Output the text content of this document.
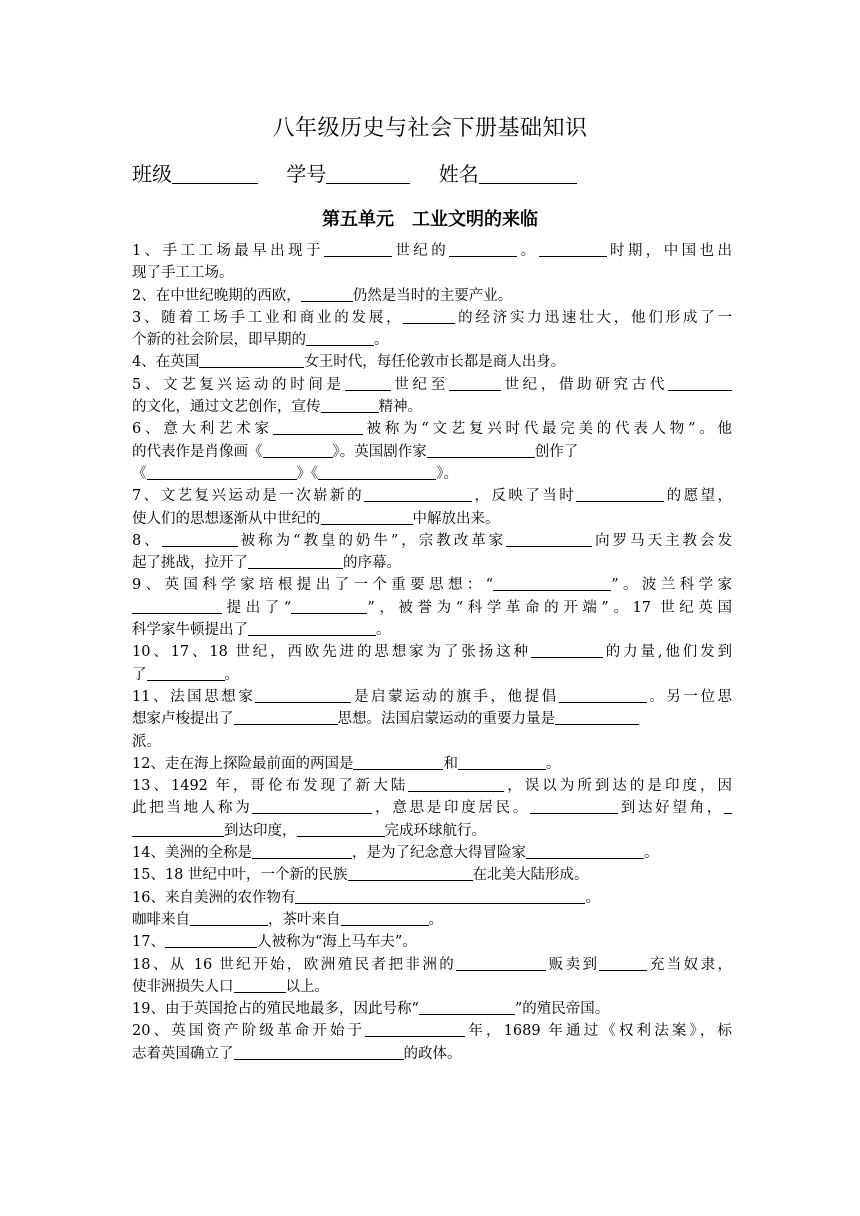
八年级历史与社会下册基础知识
班级	学号	姓名
第五单元 工业文明的来临
1、手工工场最早出现于	世纪的	。	时期，中国也出
现了手工工场。
2、在中世纪晚期的西欧，	仍然是当时的主要产业。
3、随着工场手工业和商业的发展，	的经济实力迅速壮大，他们形成了一
个新的社会阶层，即早期的	。
4、在英国	女王时代，每任伦敦市长都是商人出身。
5、文艺复兴运动的时间是	世纪至	世纪，借助研究古代
的文化，通过文艺创作，宣传	精神。
6、意大利艺术家	被称为“文艺复兴时代最完美的代表人物”。他
的代表作是肖像画《	》。英国剧作家	创作了
《	》《	》。
7、文艺复兴运动是一次崭新的	，反映了当时	的愿望，
使人们的思想逐渐从中世纪的	中解放出来。
8、	被称为“教皇的奶牛”，宗教改革家	向罗马天主教会发
起了挑战，拉开了	的序幕。
9、英国科学家培根提出了一个重要思想：“	”。波兰科学家
提出了“	”，被誉为“科学革命的开端”。17 世纪英国
科学家牛顿提出了	。
10、17、18 世纪，西欧先进的思想家为了张扬这种	的力量,他们发到
了	。
11、法国思想家	是启蒙运动的旗手，他提倡	。另一位思
想家卢梭提出了	思想。法国启蒙运动的重要力量是
派。
12、走在海上探险最前面的两国是	和	。
13、1492 年，哥伦布发现了新大陆	，误以为所到达的是印度，因
此把当地人称为	，意思是印度居民。	到达好望角，
到达印度，	完成环球航行。
14、美洲的全称是	，是为了纪念意大得冒险家	。
15、18 世纪中叶，一个新的民族	在北美大陆形成。
16、来自美洲的农作物有	。
咖啡来自	，茶叶来自	。
17、	人被称为“海上马车夫”。
18、从 16 世纪开始，欧洲殖民者把非洲的	贩卖到	充当奴隶，
使非洲损失人口	以上。
19、由于英国抢占的殖民地最多，因此号称“	”的殖民帝国。
20、英国资产阶级革命开始于	年，1689 年通过《权利法案》，标
志着英国确立了	的政体。
